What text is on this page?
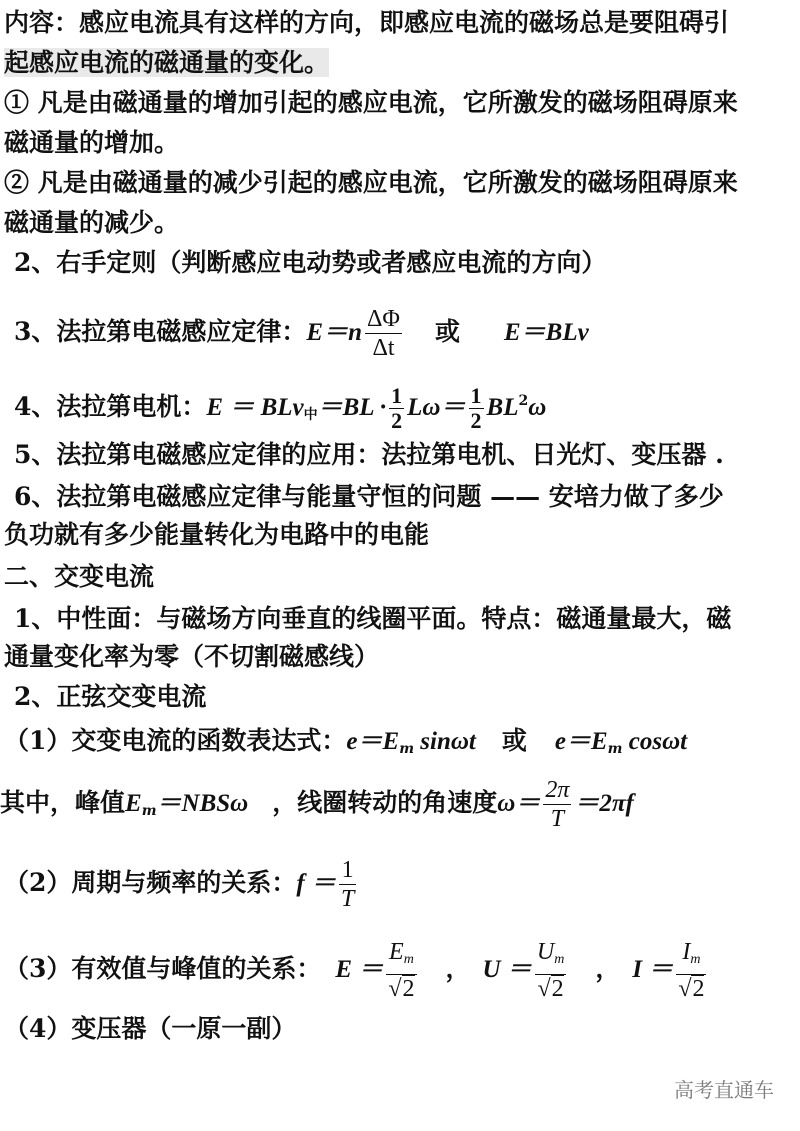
内容：感应电流具有这样的方向，即感应电流的磁场总是要阻碍引
起感应电流的磁通量的变化。
① 凡是由磁通量的增加引起的感应电流，它所激发的磁场阻碍原来
磁通量的增加。
② 凡是由磁通量的减少引起的感应电流，它所激发的磁场阻碍原来
磁通量的减少。
2、右手定则（判断感应电动势或者感应电流的方向）
3、法拉第电磁感应定律：$E=n \frac{\Delta\Phi}{\Delta t}$ 或 E＝BLv
4、法拉第电机：$E = BLv_中=BL \cdot \frac{1}{2} L\omega= \frac{1}{2} BL^2\omega$
5、法拉第电磁感应定律的应用：法拉第电机、日光灯、变压器 .
6、法拉第电磁感应定律与能量守恒的问题 —— 安培力做了多少
负功就有多少能量转化为电路中的电能
二、交变电流
1、中性面：与磁场方向垂直的线圈平面。特点：磁通量最大，磁
通量变化率为零（不切割磁感线）
2、正弦交变电流
（1）交变电流的函数表达式：$e=E_m$ sinωt 或 $e=E_m$ cosωt
其中，峰值$E_m=NBS\omega$ ，线圈转动的角速度$\omega= \frac{2\pi}{T} =2\pi f$
（2）周期与频率的关系：$f = \frac{1}{T}$
（3）有效值与峰值的关系： $E = \frac{E_m}{√2}$ ， $U = \frac{U_m}{√2}$ ， $I = \frac{I_m}{√2}$
（4）变压器（一原一副）
高考直通车
